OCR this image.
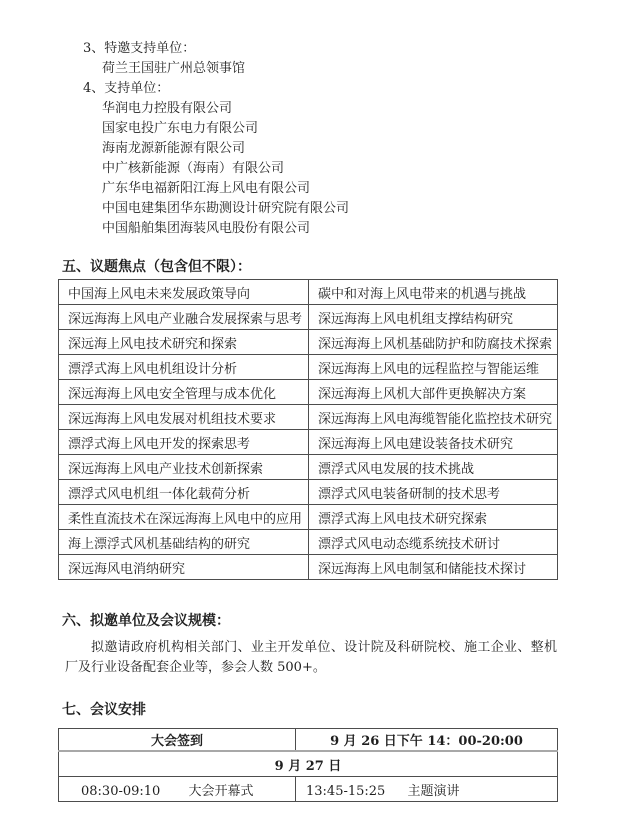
3、特邀支持单位：
荷兰王国驻广州总领事馆
4、支持单位：
华润电力控股有限公司
国家电投广东电力有限公司
海南龙源新能源有限公司
中广核新能源（海南）有限公司
广东华电福新阳江海上风电有限公司
中国电建集团华东勘测设计研究院有限公司
中国船舶集团海装风电股份有限公司
五、议题焦点（包含但不限）：
中国海上风电未来发展政策导向	碳中和对海上风电带来的机遇与挑战
深远海海上风电产业融合发展探索与思考	深远海海上风电机组支撑结构研究
深远海上风电技术研究和探索	深远海海上风机基础防护和防腐技术探索
漂浮式海上风电机组设计分析	深远海海上风电的远程监控与智能运维
深远海海上风电安全管理与成本优化	深远海海上风机大部件更换解决方案
深远海海上风电发展对机组技术要求	深远海海上风电海缆智能化监控技术研究
漂浮式海上风电开发的探索思考	深远海海上风电建设装备技术研究
深远海海上风电产业技术创新探索	漂浮式风电发展的技术挑战
漂浮式风电机组一体化载荷分析	漂浮式风电装备研制的技术思考
柔性直流技术在深远海海上风电中的应用	漂浮式海上风电技术研究探索
海上漂浮式风机基础结构的研究	漂浮式风电动态缆系统技术研讨
深远海风电消纳研究	深远海海上风电制氢和储能技术探讨
六、拟邀单位及会议规模：
拟邀请政府机构相关部门、业主开发单位、设计院及科研院校、施工企业、整机厂及行业设备配套企业等，参会人数 500+。
七、会议安排
大会签到	9 月 26 日下午 14：00-20:00
9 月 27 日	
08:30-09:10 大会开幕式	13:45-15:25 主题演讲
